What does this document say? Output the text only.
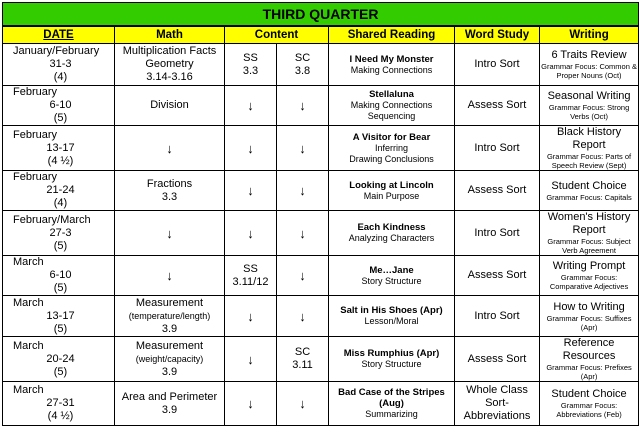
THIRD QUARTER						
DATE	Math	Content		Shared Reading	Word Study	Writing

January/February
31-3
(4)	Multiplication Facts
Geometry
3.14-3.16	SS
3.3	SC
3.8	I Need My Monster
Making Connections	Intro Sort	6 Traits Review
Grammar Focus: Common & Proper Nouns (Oct)

February
6-10
(5)	Division	↓	↓	Stellaluna
Making Connections
Sequencing	Assess Sort	Seasonal Writing
Grammar Focus: Strong Verbs (Oct)

February
13-17
(4 ½)	↓	↓	↓	A Visitor for Bear
Inferring
Drawing Conclusions	Intro Sort	Black History Report
Grammar Focus: Parts of Speech Review (Sept)

February
21-24
(4)	Fractions
3.3	↓	↓	Looking at Lincoln
Main Purpose	Assess Sort	Student Choice
Grammar Focus: Capitals

February/March
27-3
(5)	↓	↓	↓	Each Kindness
Analyzing Characters	Intro Sort	Women's History Report
Grammar Focus: Subject Verb Agreement

March
6-10
(5)	↓	SS
3.11/12	↓	Me…Jane
Story Structure	Assess Sort	Writing Prompt
Grammar Focus: Comparative Adjectives

March
13-17
(5)	Measurement
(temperature/length)
3.9	↓	↓	Salt in His Shoes (Apr)
Lesson/Moral	Intro Sort	How to Writing
Grammar Focus: Suffixes (Apr)

March
20-24
(5)	Measurement
(weight/capacity)
3.9	↓	SC
3.11	Miss Rumphius (Apr)
Story Structure	Assess Sort	Reference Resources
Grammar Focus: Prefixes (Apr)

March
27-31
(4 ½)	Area and Perimeter
3.9	↓	↓	Bad Case of the Stripes (Aug)
Summarizing	Whole Class Sort- Abbreviations	Student Choice
Grammar Focus: Abbreviations (Feb)
